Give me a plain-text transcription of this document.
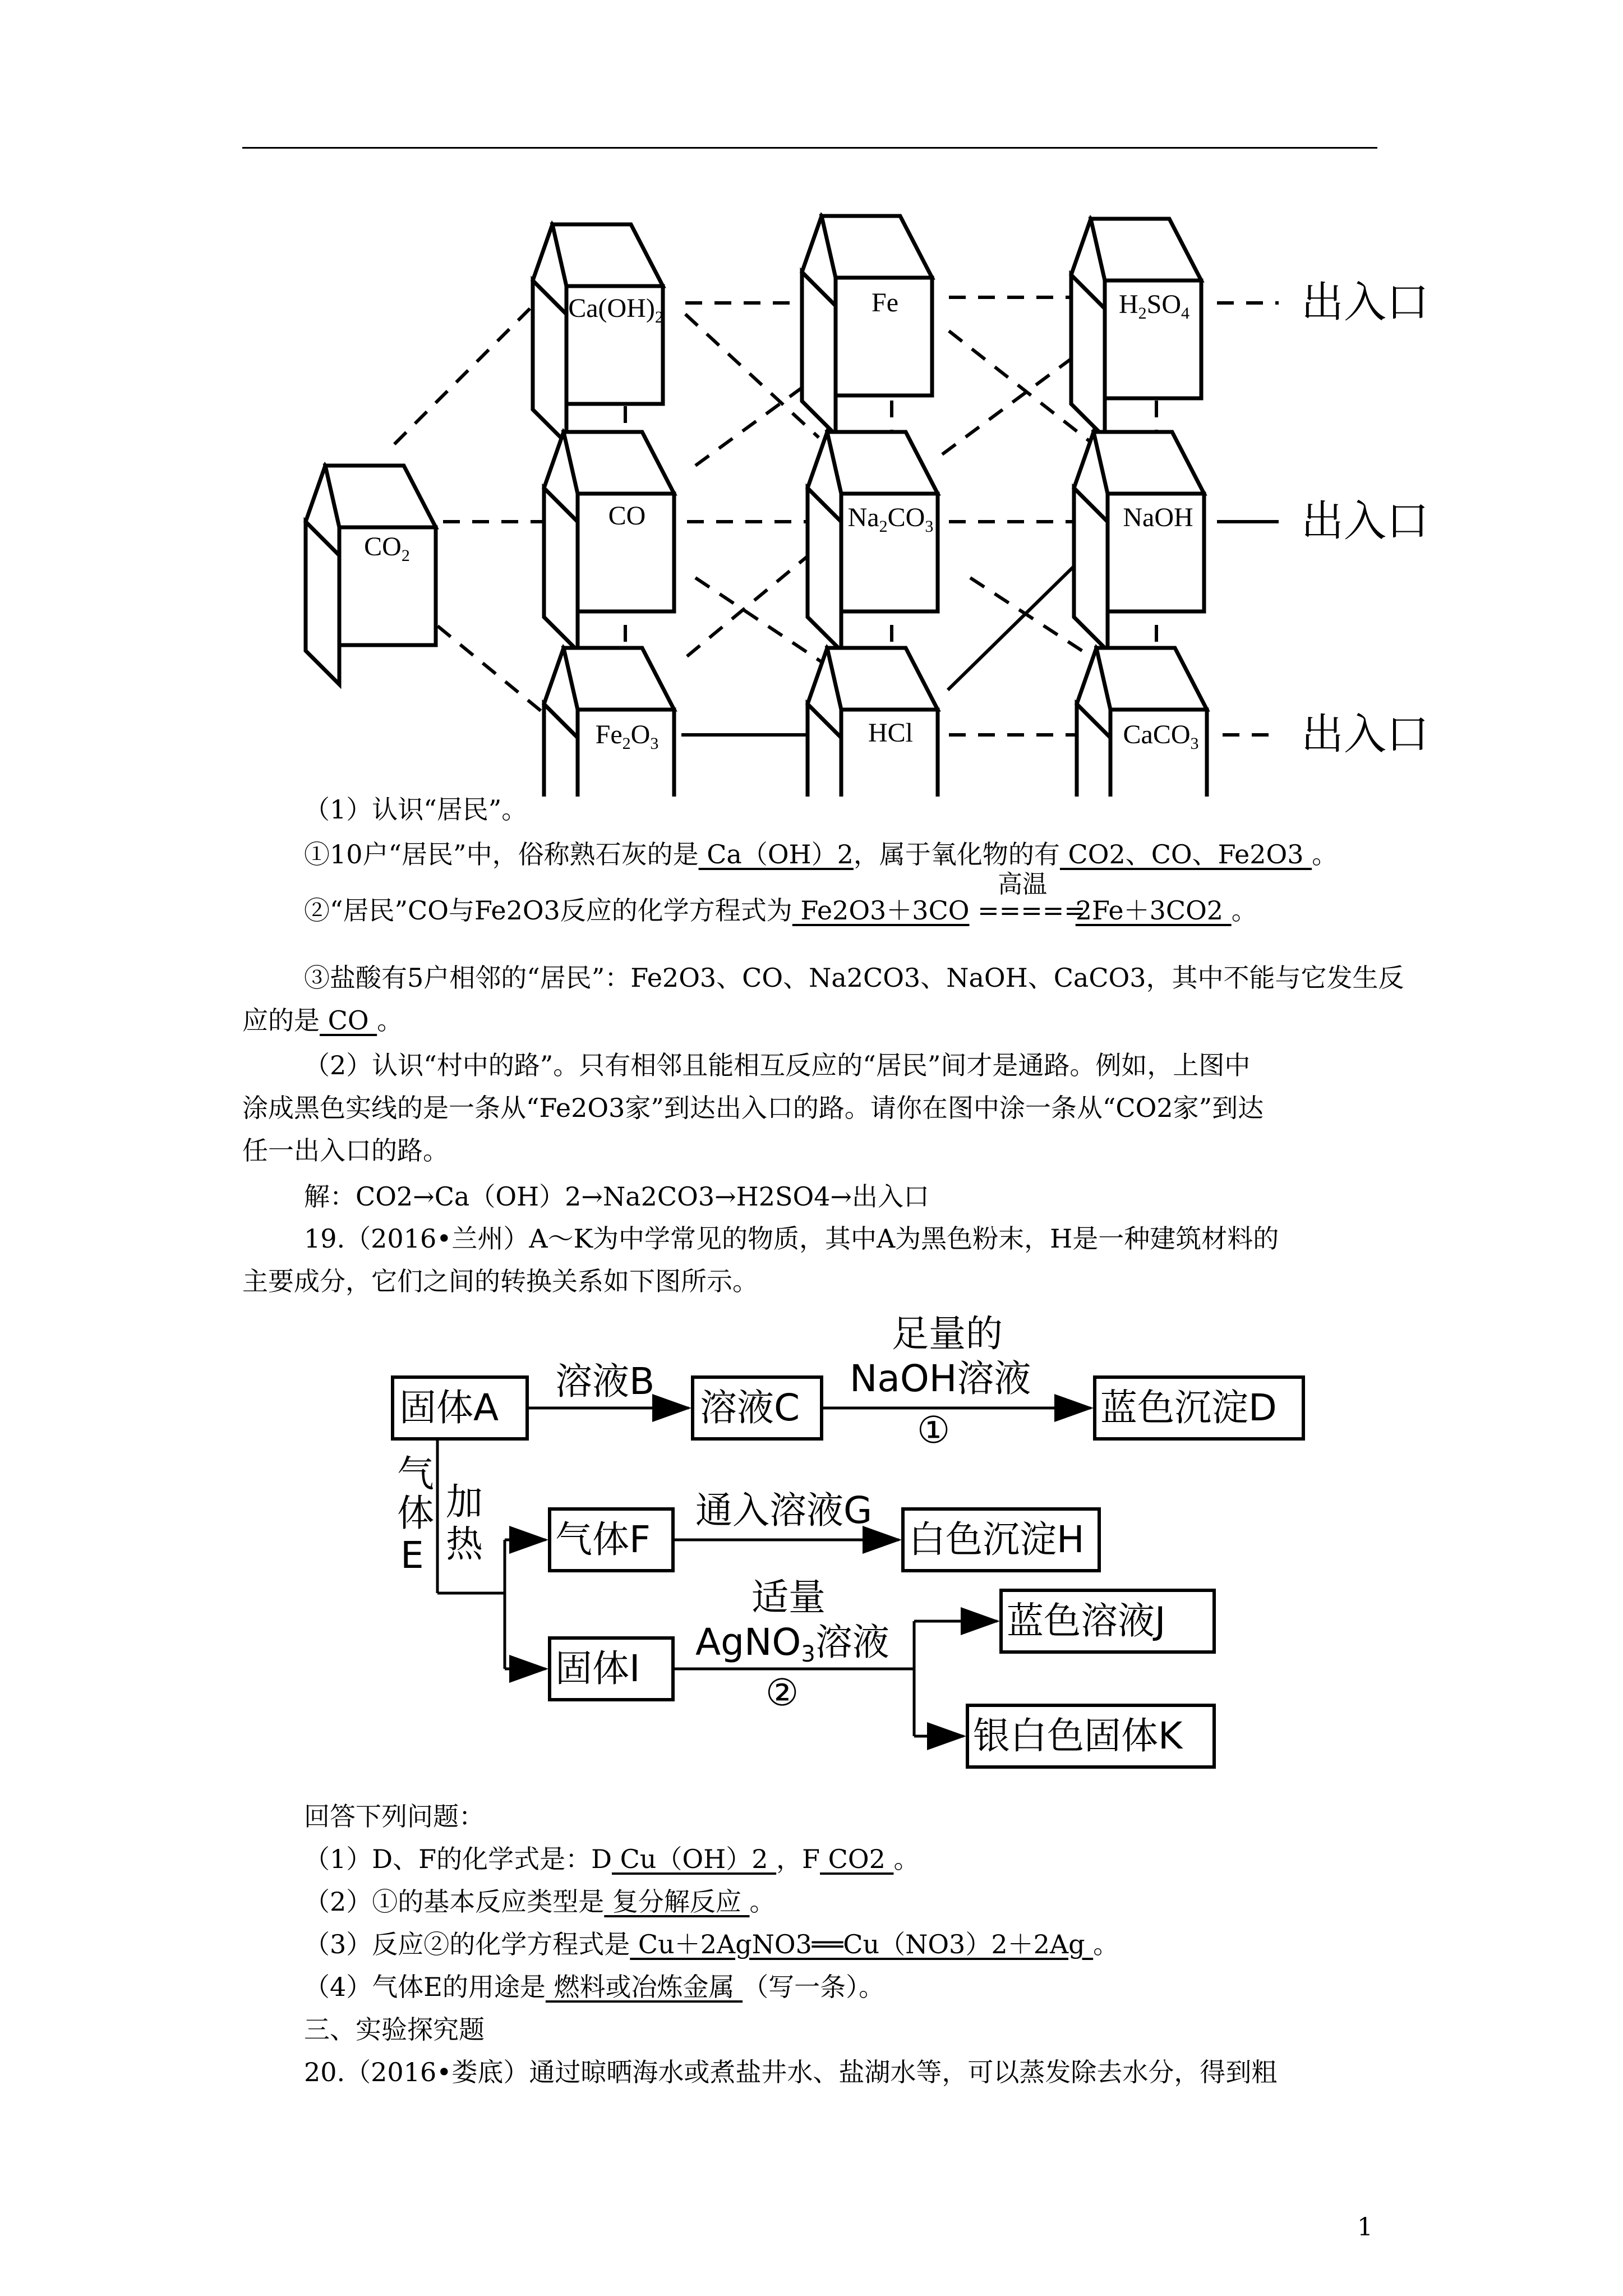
$Ca(OH)_2$	Fe	$H_2SO_4$
$CO_2$
CO	$Na_2CO_3$	NaOH
$Fe_2O_3$	HCl	CaCO$_3$
出入口
出入口
出入口
（1）认识“居民”。
①10户“居民”中，俗称熟石灰的是 Ca（OH）2，属于氧化物的有 CO2、CO、Fe2O3 。
②“居民”CO与Fe2O3反应的化学方程式为 Fe2O3＋3CO
高温
===== 2Fe＋3CO2 。
③盐酸有5户相邻的“居民”：Fe2O3、CO、Na2CO3、NaOH、CaCO3，其中不能与它发生反
应的是 CO 。
（2）认识“村中的路”。只有相邻且能相互反应的“居民”间才是通路。例如，上图中
涂成黑色实线的是一条从“Fe2O3家”到达出入口的路。请你在图中涂一条从“CO2家”到达
任一出入口的路。
解：CO2→Ca（OH）2→Na2CO3→H2SO4→出入口
19.（2016•兰州）A～K为中学常见的物质，其中A为黑色粉末，H是一种建筑材料的
主要成分，它们之间的转换关系如下图所示。
固体A
溶液B
溶液C
足量的
NaOH溶液
①
蓝色沉淀D
气
体
E
加
热 气体F
通入溶液G
白色沉淀H
适量
AgNO3溶液
②
固体I
蓝色溶液J
银白色固体K
回答下列问题：
（1）D、F的化学式是：D Cu（OH）2 ，F CO2 。
（2）①的基本反应类型是 复分解反应 。
（3）反应②的化学方程式是 Cu＋2AgNO3══Cu（NO3）2＋2Ag 。
（4）气体E的用途是 燃料或冶炼金属 （写一条）。
三、实验探究题
20.（2016•娄底）通过晾晒海水或煮盐井水、盐湖水等，可以蒸发除去水分，得到粗
1
